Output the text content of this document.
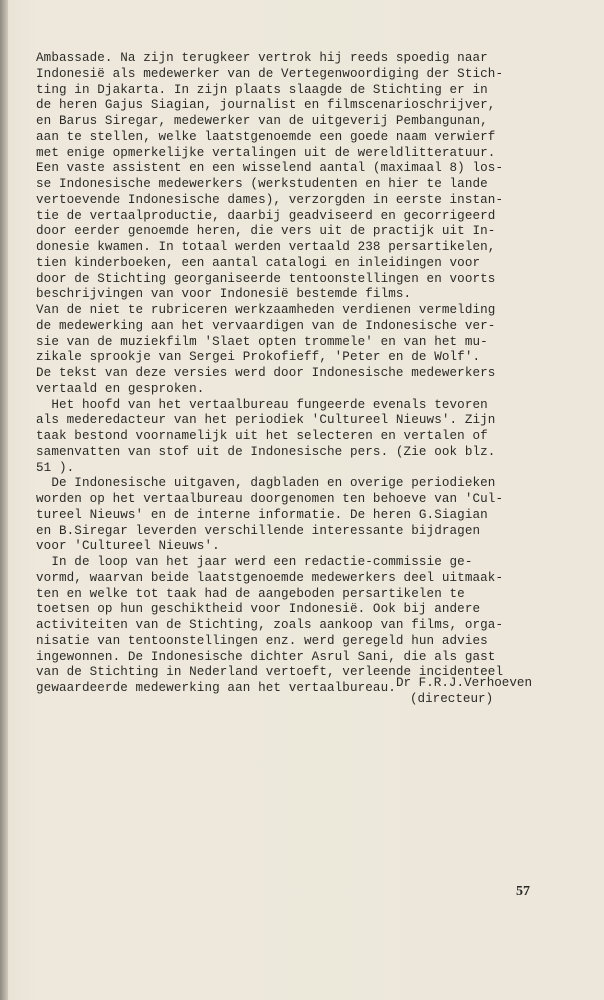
Ambassade. Na zijn terugkeer vertrok hij reeds spoedig naar
Indonesië als medewerker van de Vertegenwoordiging der Stich-
ting in Djakarta. In zijn plaats slaagde de Stichting er in
de heren Gajus Siagian, journalist en filmscenarioschrijver,
en Barus Siregar, medewerker van de uitgeverij Pembangunan,
aan te stellen, welke laatstgenoemde een goede naam verwierf
met enige opmerkelijke vertalingen uit de wereldlitteratuur.
Een vaste assistent en een wisselend aantal (maximaal 8) los-
se Indonesische medewerkers (werkstudenten en hier te lande
vertoevende Indonesische dames), verzorgden in eerste instan-
tie de vertaalproductie, daarbij geadviseerd en gecorrigeerd
door eerder genoemde heren, die vers uit de practijk uit In-
donesie kwamen. In totaal werden vertaald 238 persartikelen,
tien kinderboeken, een aantal catalogi en inleidingen voor
door de Stichting georganiseerde tentoonstellingen en voorts
beschrijvingen van voor Indonesië bestemde films.
Van de niet te rubriceren werkzaamheden verdienen vermelding
de medewerking aan het vervaardigen van de Indonesische ver-
sie van de muziekfilm 'Slaet opten trommele' en van het mu-
zikale sprookje van Sergei Prokofieff, 'Peter en de Wolf'.
De tekst van deze versies werd door Indonesische medewerkers
vertaald en gesproken.
Het hoofd van het vertaalbureau fungeerde evenals tevoren
als mederedacteur van het periodiek 'Cultureel Nieuws'. Zijn
taak bestond voornamelijk uit het selecteren en vertalen of
samenvatten van stof uit de Indonesische pers. (Zie ook blz.
51 ).
De Indonesische uitgaven, dagbladen en overige periodieken
worden op het vertaalbureau doorgenomen ten behoeve van 'Cul-
tureel Nieuws' en de interne informatie. De heren G.Siagian
en B.Siregar leverden verschillende interessante bijdragen
voor 'Cultureel Nieuws'.
In de loop van het jaar werd een redactie-commissie ge-
vormd, waarvan beide laatstgenoemde medewerkers deel uitmaak-
ten en welke tot taak had de aangeboden persartikelen te
toetsen op hun geschiktheid voor Indonesië. Ook bij andere
activiteiten van de Stichting, zoals aankoop van films, orga-
nisatie van tentoonstellingen enz. werd geregeld hun advies
ingewonnen. De Indonesische dichter Asrul Sani, die als gast
van de Stichting in Nederland vertoeft, verleende incidenteel
gewaardeerde medewerking aan het vertaalbureau. Dr F.R.J.Verhoeven
(directeur)
57
